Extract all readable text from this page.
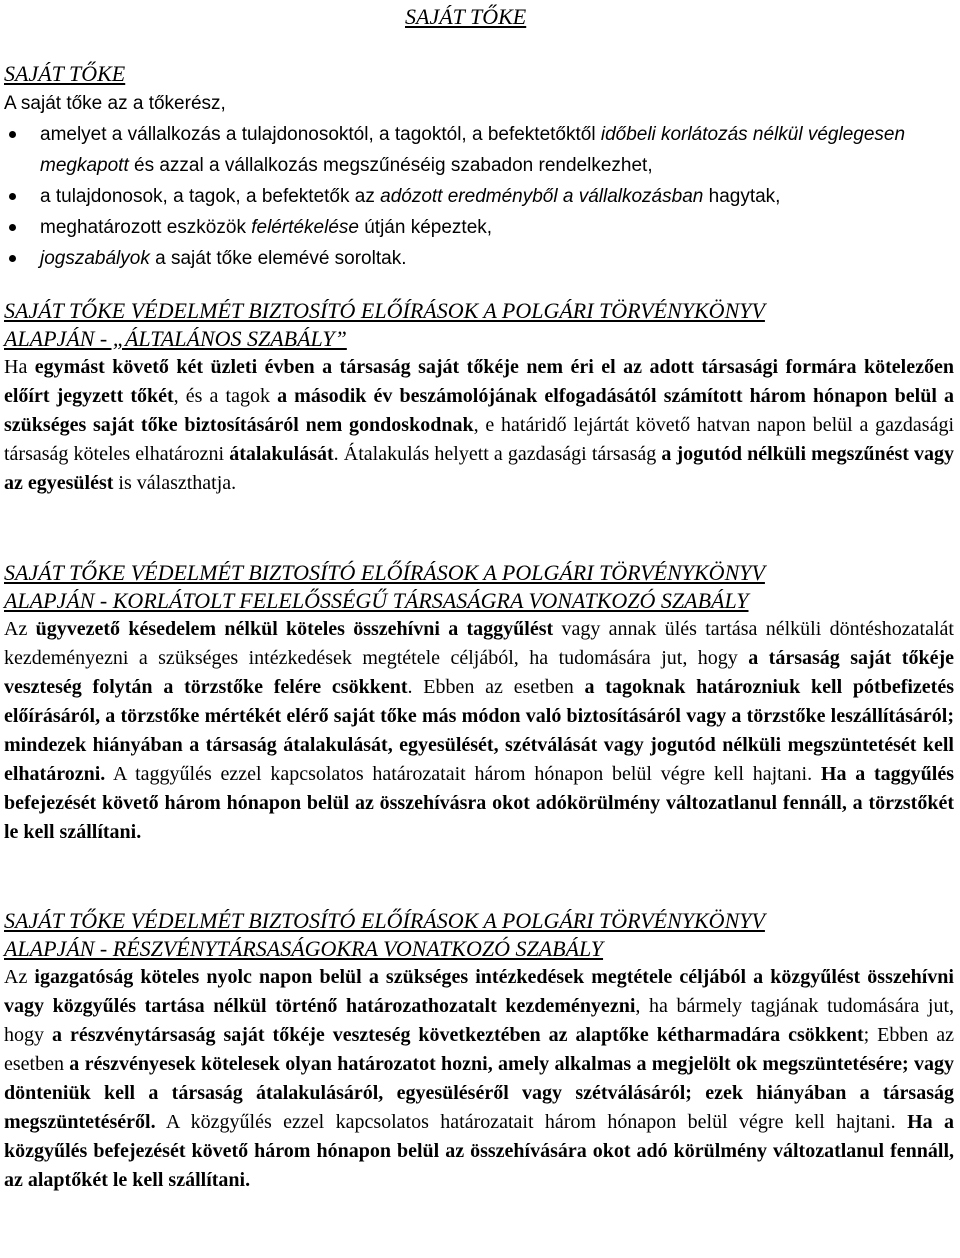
SAJÁT TŐKE
SAJÁT TŐKE

A saját tőke az a tőkerész,

amelyet a vállalkozás a tulajdonosoktól, a tagoktól, a befektetőktől időbeli korlátozás nélkül véglegesen megkapott és azzal a vállalkozás megszűnéséig szabadon rendelkezhet,
a tulajdonosok, a tagok, a befektetők az adózott eredményből a vállalkozásban hagytak,
meghatározott eszközök felértékelése útján képeztek,
jogszabályok a saját tőke elemévé soroltak.
SAJÁT TŐKE VÉDELMÉT BIZTOSÍTÓ ELŐÍRÁSOK A POLGÁRI TÖRVÉNYKÖNYV
ALAPJÁN - „ÁLTALÁNOS SZABÁLY”

Ha egymást követő két üzleti évben a társaság saját tőkéje nem éri el az adott társasági formára kötelezően előírt jegyzett tőkét, és a tagok a második év beszámolójának elfogadásától számított három hónapon belül a szükséges saját tőke biztosításáról nem gondoskodnak, e határidő lejártát követő hatvan napon belül a gazdasági társaság köteles elhatározni átalakulását. Átalakulás helyett a gazdasági társaság a jogutód nélküli megszűnést vagy az egyesülést is választhatja.

SAJÁT TŐKE VÉDELMÉT BIZTOSÍTÓ ELŐÍRÁSOK A POLGÁRI TÖRVÉNYKÖNYV
ALAPJÁN - KORLÁTOLT FELELŐSSÉGŰ TÁRSASÁGRA VONATKOZÓ SZABÁLY

Az ügyvezető késedelem nélkül köteles összehívni a taggyűlést vagy annak ülés tartása nélküli döntéshozatalát kezdeményezni a szükséges intézkedések megtétele céljából, ha tudomására jut, hogy a társaság saját tőkéje veszteség folytán a törzstőke felére csökkent. Ebben az esetben a tagoknak határozniuk kell pótbefizetés előírásáról, a törzstőke mértékét elérő saját tőke más módon való biztosításáról vagy a törzstőke leszállításáról; mindezek hiányában a társaság átalakulását, egyesülését, szétválását vagy jogutód nélküli megszüntetését kell elhatározni. A taggyűlés ezzel kapcsolatos határozatait három hónapon belül végre kell hajtani. Ha a taggyűlés befejezését követő három hónapon belül az összehívásra okot adókörülmény változatlanul fennáll, a törzstőkét le kell szállítani.

SAJÁT TŐKE VÉDELMÉT BIZTOSÍTÓ ELŐÍRÁSOK A POLGÁRI TÖRVÉNYKÖNYV
ALAPJÁN - RÉSZVÉNYTÁRSASÁGOKRA VONATKOZÓ SZABÁLY

Az igazgatóság köteles nyolc napon belül a szükséges intézkedések megtétele céljából a közgyűlést összehívni vagy közgyűlés tartása nélkül történő határozathozatalt kezdeményezni, ha bármely tagjának tudomására jut, hogy a részvénytársaság saját tőkéje veszteség következtében az alaptőke kétharmadára csökkent; Ebben az esetben a részvényesek kötelesek olyan határozatot hozni, amely alkalmas a megjelölt ok megszüntetésére; vagy dönteniük kell a társaság átalakulásáról, egyesüléséről vagy szétválásáról; ezek hiányában a társaság megszüntetéséről. A közgyűlés ezzel kapcsolatos határozatait három hónapon belül végre kell hajtani. Ha a közgyűlés befejezését követő három hónapon belül az összehívására okot adó körülmény változatlanul fennáll, az alaptőkét le kell szállítani.
